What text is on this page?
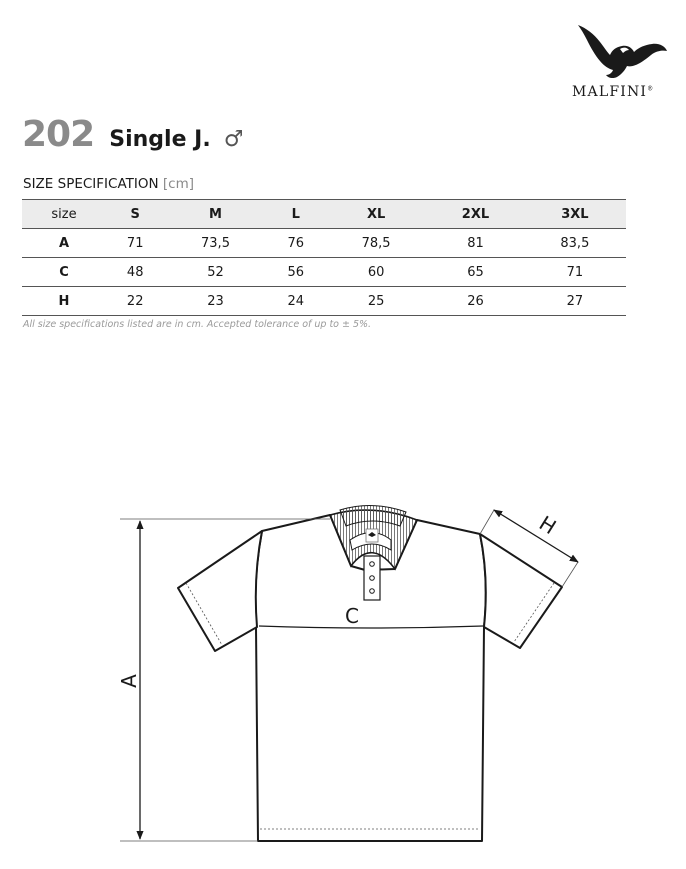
MALFINI®
202 Single J. ♂
SIZE SPECIFICATION [cm]
size	S	M	L	XL	2XL	3XL
A	71	73,5	76	78,5	81	83,5
C	48	52	56	60	65	71
H	22	23	24	25	26	27
All size specifications listed are in cm. Accepted tolerance of up to ± 5%.
A
C
H
